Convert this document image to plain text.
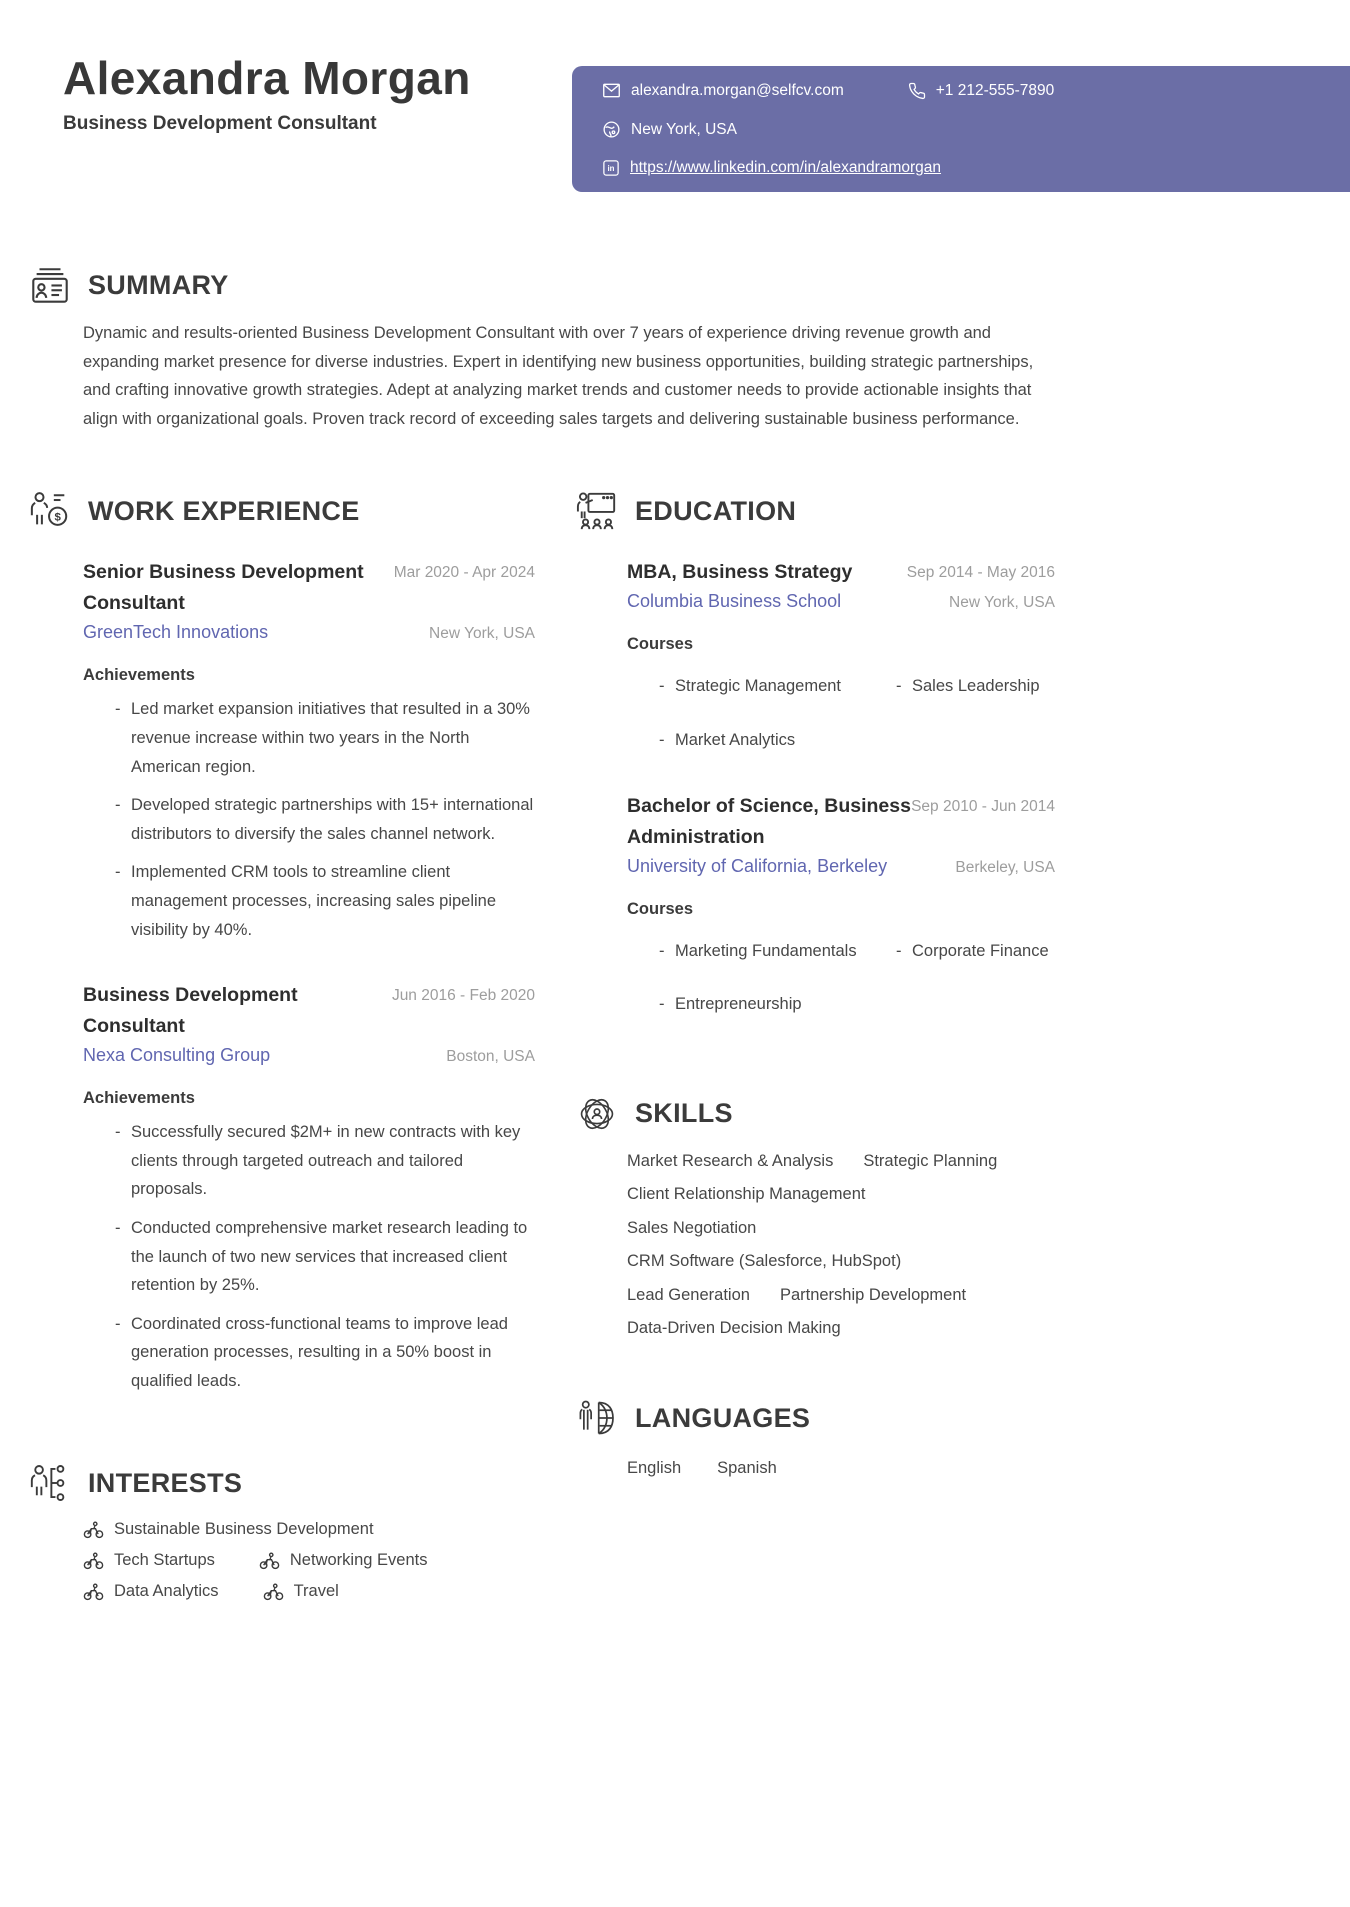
Alexandra Morgan
Business Development Consultant
alexandra.morgan@selfcv.com	+1 212-555-7890
New York, USA
in https://www.linkedin.com/in/alexandramorgan
SUMMARY

Dynamic and results-oriented Business Development Consultant with over 7 years of experience driving revenue growth and expanding market presence for diverse industries. Expert in identifying new business opportunities, building strategic partnerships, and crafting innovative growth strategies. Adept at analyzing market trends and customer needs to provide actionable insights that align with organizational goals. Proven track record of exceeding sales targets and delivering sustainable business performance.

$ WORK EXPERIENCE
Senior Business Development Consultant
Mar 2020 - Apr 2024
GreenTech Innovations	New York, USA
Achievements
- Led market expansion initiatives that resulted in a 30% revenue increase within two years in the North American region.
- Developed strategic partnerships with 15+ international distributors to diversify the sales channel network.
- Implemented CRM tools to streamline client management processes, increasing sales pipeline visibility by 40%.
Business Development Consultant
Jun 2016 - Feb 2020
Nexa Consulting Group	Boston, USA
Achievements
- Successfully secured $2M+ in new contracts with key clients through targeted outreach and tailored proposals.
- Conducted comprehensive market research leading to the launch of two new services that increased client retention by 25%.
- Coordinated cross-functional teams to improve lead generation processes, resulting in a 50% boost in qualified leads.
INTERESTS
Sustainable Business Development
Tech Startups	Networking Events
Data Analytics	Travel
EDUCATION
MBA, Business Strategy	Sep 2014 - May 2016
Columbia Business School	New York, USA
Courses
- Strategic Management	- Sales Leadership
- Market Analytics
Bachelor of Science, Business Administration
Sep 2010 - Jun 2014
University of California, Berkeley	Berkeley, USA
Courses
- Marketing Fundamentals	- Corporate Finance
- Entrepreneurship
SKILLS
Market Research & Analysis Strategic Planning
Client Relationship Management
Sales Negotiation
CRM Software (Salesforce, HubSpot)
Lead Generation Partnership Development
Data-Driven Decision Making
LANGUAGES
English Spanish
